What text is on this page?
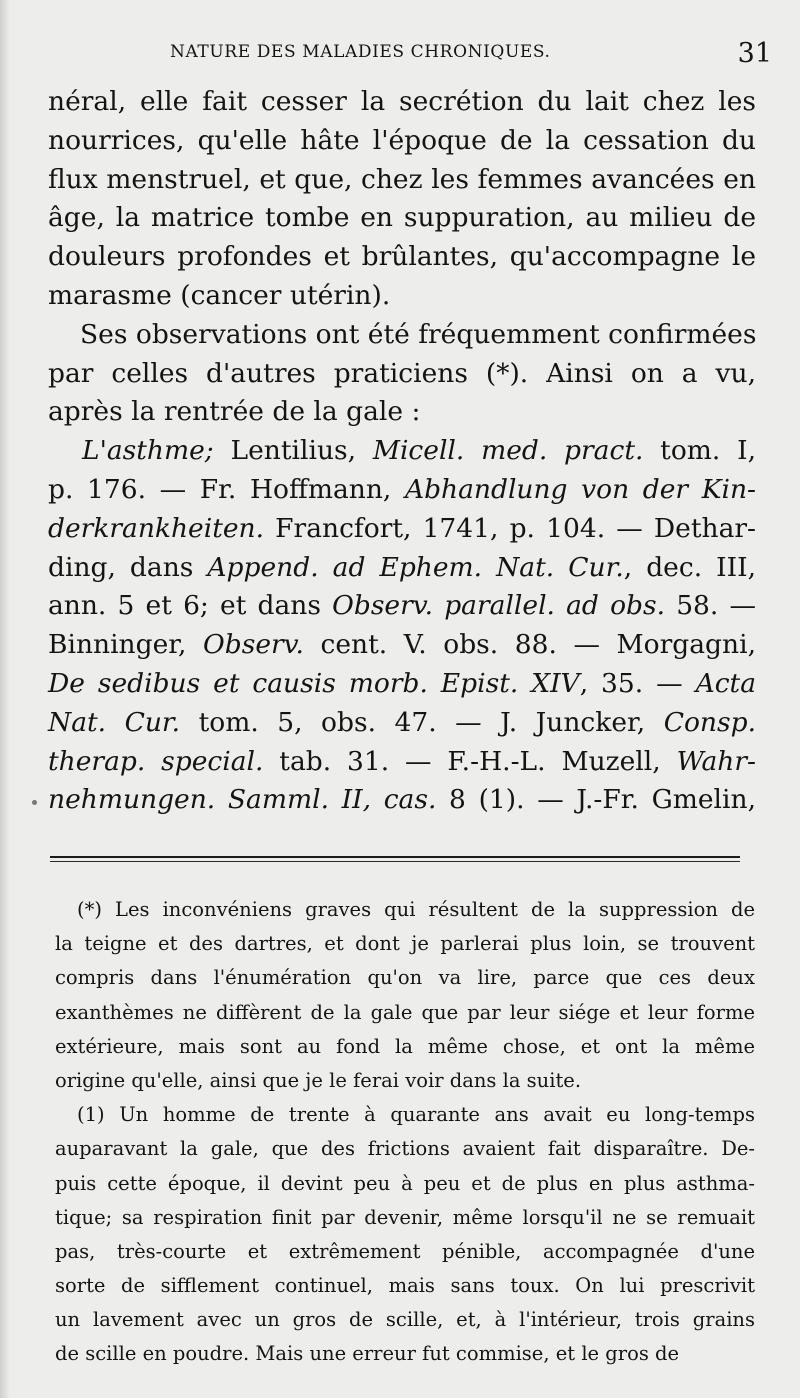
NATURE DES MALADIES CHRONIQUES.	31
néral, elle fait cesser la secrétion du lait chez les
nourrices, qu'elle hâte l'époque de la cessation du
flux menstruel, et que, chez les femmes avancées en
âge, la matrice tombe en suppuration, au milieu de
douleurs profondes et brûlantes, qu'accompagne le
marasme (cancer utérin).
Ses observations ont été fréquemment confirmées
par celles d'autres praticiens (*). Ainsi on a vu,
après la rentrée de la gale :
L'asthme; Lentilius, Micell. med. pract. tom. I,
p. 176. — Fr. Hoffmann, Abhandlung von der Kin-
derkrankheiten. Francfort, 1741, p. 104. — Dethar-
ding, dans Append. ad Ephem. Nat. Cur., dec. III,
ann. 5 et 6; et dans Observ. parallel. ad obs. 58. —
Binninger, Observ. cent. V. obs. 88. — Morgagni,
De sedibus et causis morb. Epist. XIV, 35. — Acta
Nat. Cur. tom. 5, obs. 47. — J. Juncker, Consp.
therap. special. tab. 31. — F.-H.-L. Muzell, Wahr-
nehmungen. Samml. II, cas. 8 (1). — J.-Fr. Gmelin,
(*) Les inconvéniens graves qui résultent de la suppression de
la teigne et des dartres, et dont je parlerai plus loin, se trouvent
compris dans l'énumération qu'on va lire, parce que ces deux
exanthèmes ne diffèrent de la gale que par leur siége et leur forme
extérieure, mais sont au fond la même chose, et ont la même
origine qu'elle, ainsi que je le ferai voir dans la suite.
(1) Un homme de trente à quarante ans avait eu long-temps
auparavant la gale, que des frictions avaient fait disparaître. De-
puis cette époque, il devint peu à peu et de plus en plus asthma-
tique; sa respiration finit par devenir, même lorsqu'il ne se remuait
pas, très-courte et extrêmement pénible, accompagnée d'une
sorte de sifflement continuel, mais sans toux. On lui prescrivit
un lavement avec un gros de scille, et, à l'intérieur, trois grains
de scille en poudre. Mais une erreur fut commise, et le gros de
